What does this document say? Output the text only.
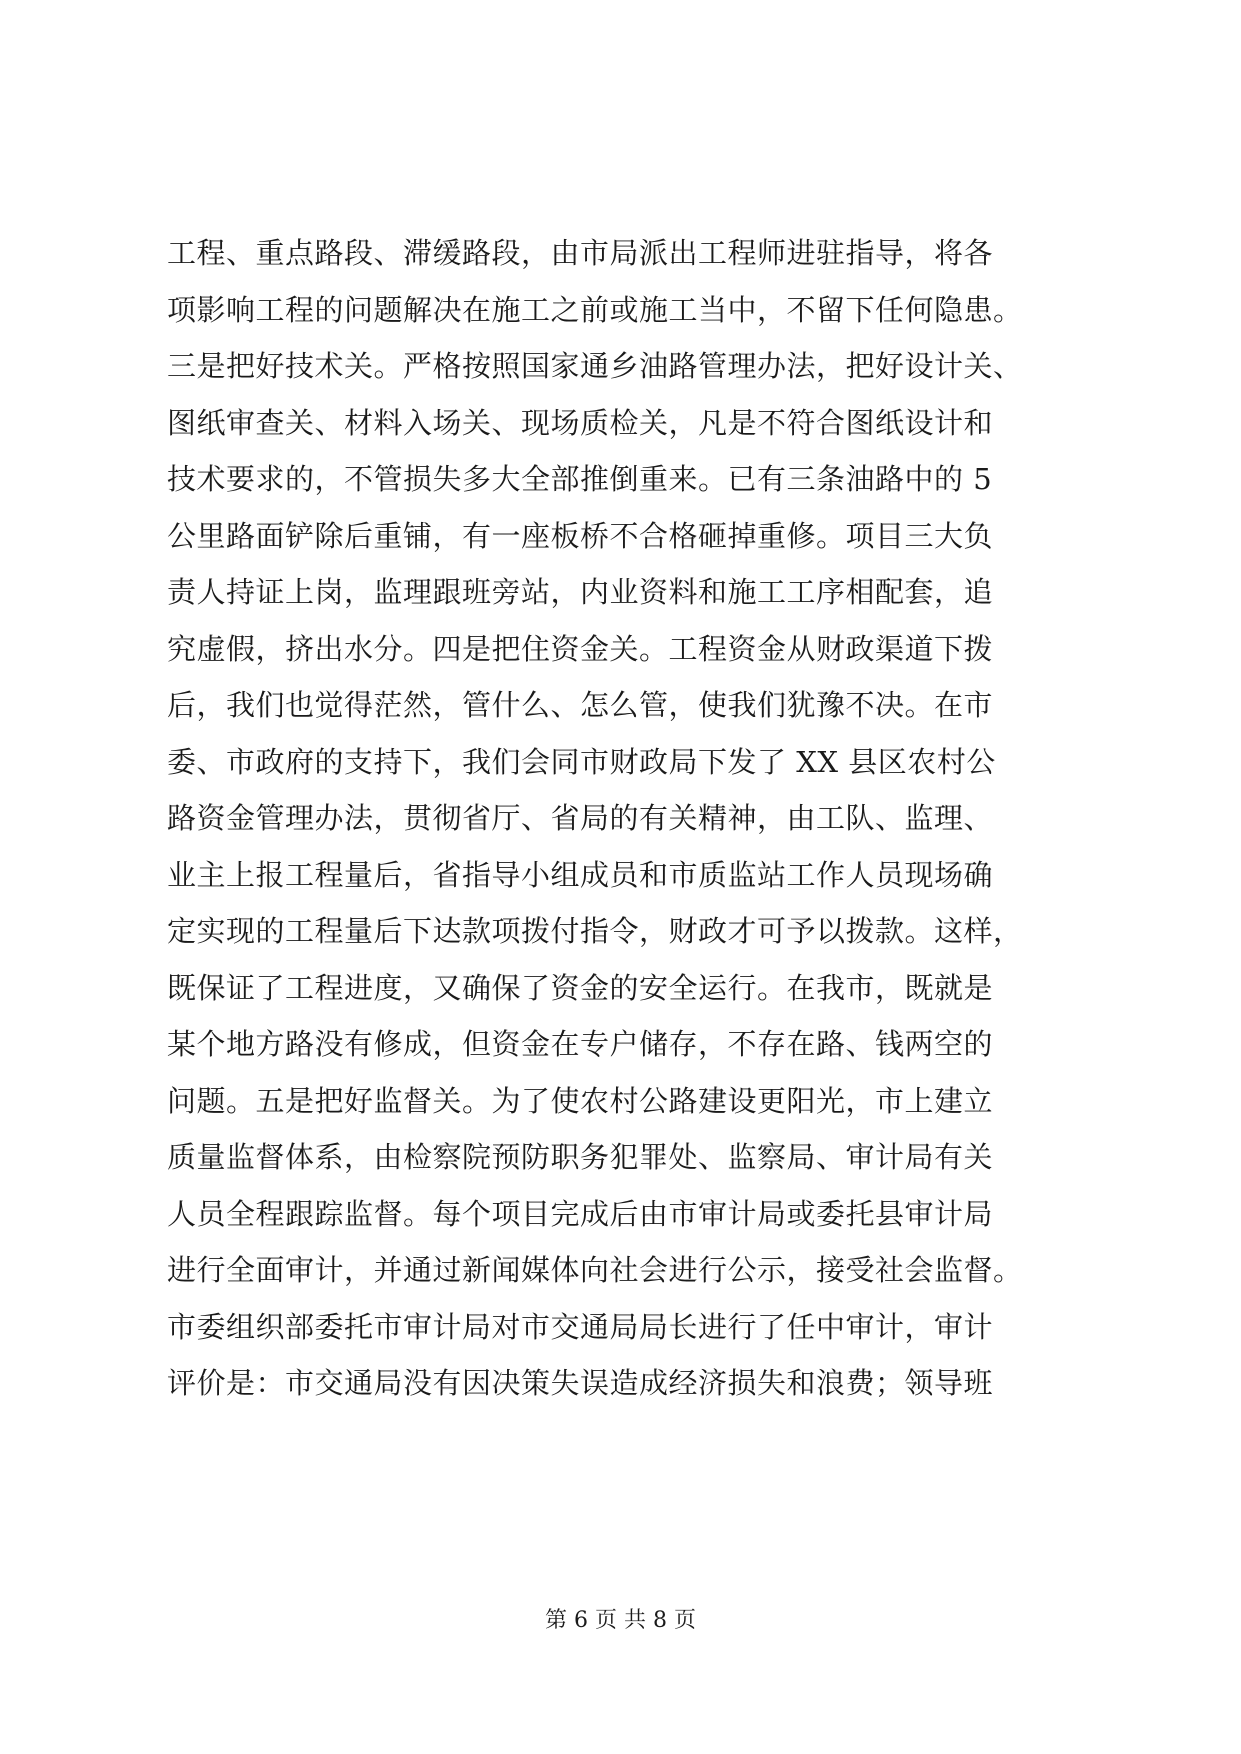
工程、重点路段、滞缓路段，由市局派出工程师进驻指导，将各
项影响工程的问题解决在施工之前或施工当中，不留下任何隐患。
三是把好技术关。严格按照国家通乡油路管理办法，把好设计关、
图纸审查关、材料入场关、现场质检关，凡是不符合图纸设计和
技术要求的，不管损失多大全部推倒重来。已有三条油路中的 5
公里路面铲除后重铺，有一座板桥不合格砸掉重修。项目三大负
责人持证上岗，监理跟班旁站，内业资料和施工工序相配套，追
究虚假，挤出水分。四是把住资金关。工程资金从财政渠道下拨
后，我们也觉得茫然，管什么、怎么管，使我们犹豫不决。在市
委、市政府的支持下，我们会同市财政局下发了 XX 县区农村公
路资金管理办法，贯彻省厅、省局的有关精神，由工队、监理、
业主上报工程量后，省指导小组成员和市质监站工作人员现场确
定实现的工程量后下达款项拨付指令，财政才可予以拨款。这样，
既保证了工程进度，又确保了资金的安全运行。在我市，既就是
某个地方路没有修成，但资金在专户储存，不存在路、钱两空的
问题。五是把好监督关。为了使农村公路建设更阳光，市上建立
质量监督体系，由检察院预防职务犯罪处、监察局、审计局有关
人员全程跟踪监督。每个项目完成后由市审计局或委托县审计局
进行全面审计，并通过新闻媒体向社会进行公示，接受社会监督。
市委组织部委托市审计局对市交通局局长进行了任中审计，审计
评价是：市交通局没有因决策失误造成经济损失和浪费；领导班
第 6 页 共 8 页
